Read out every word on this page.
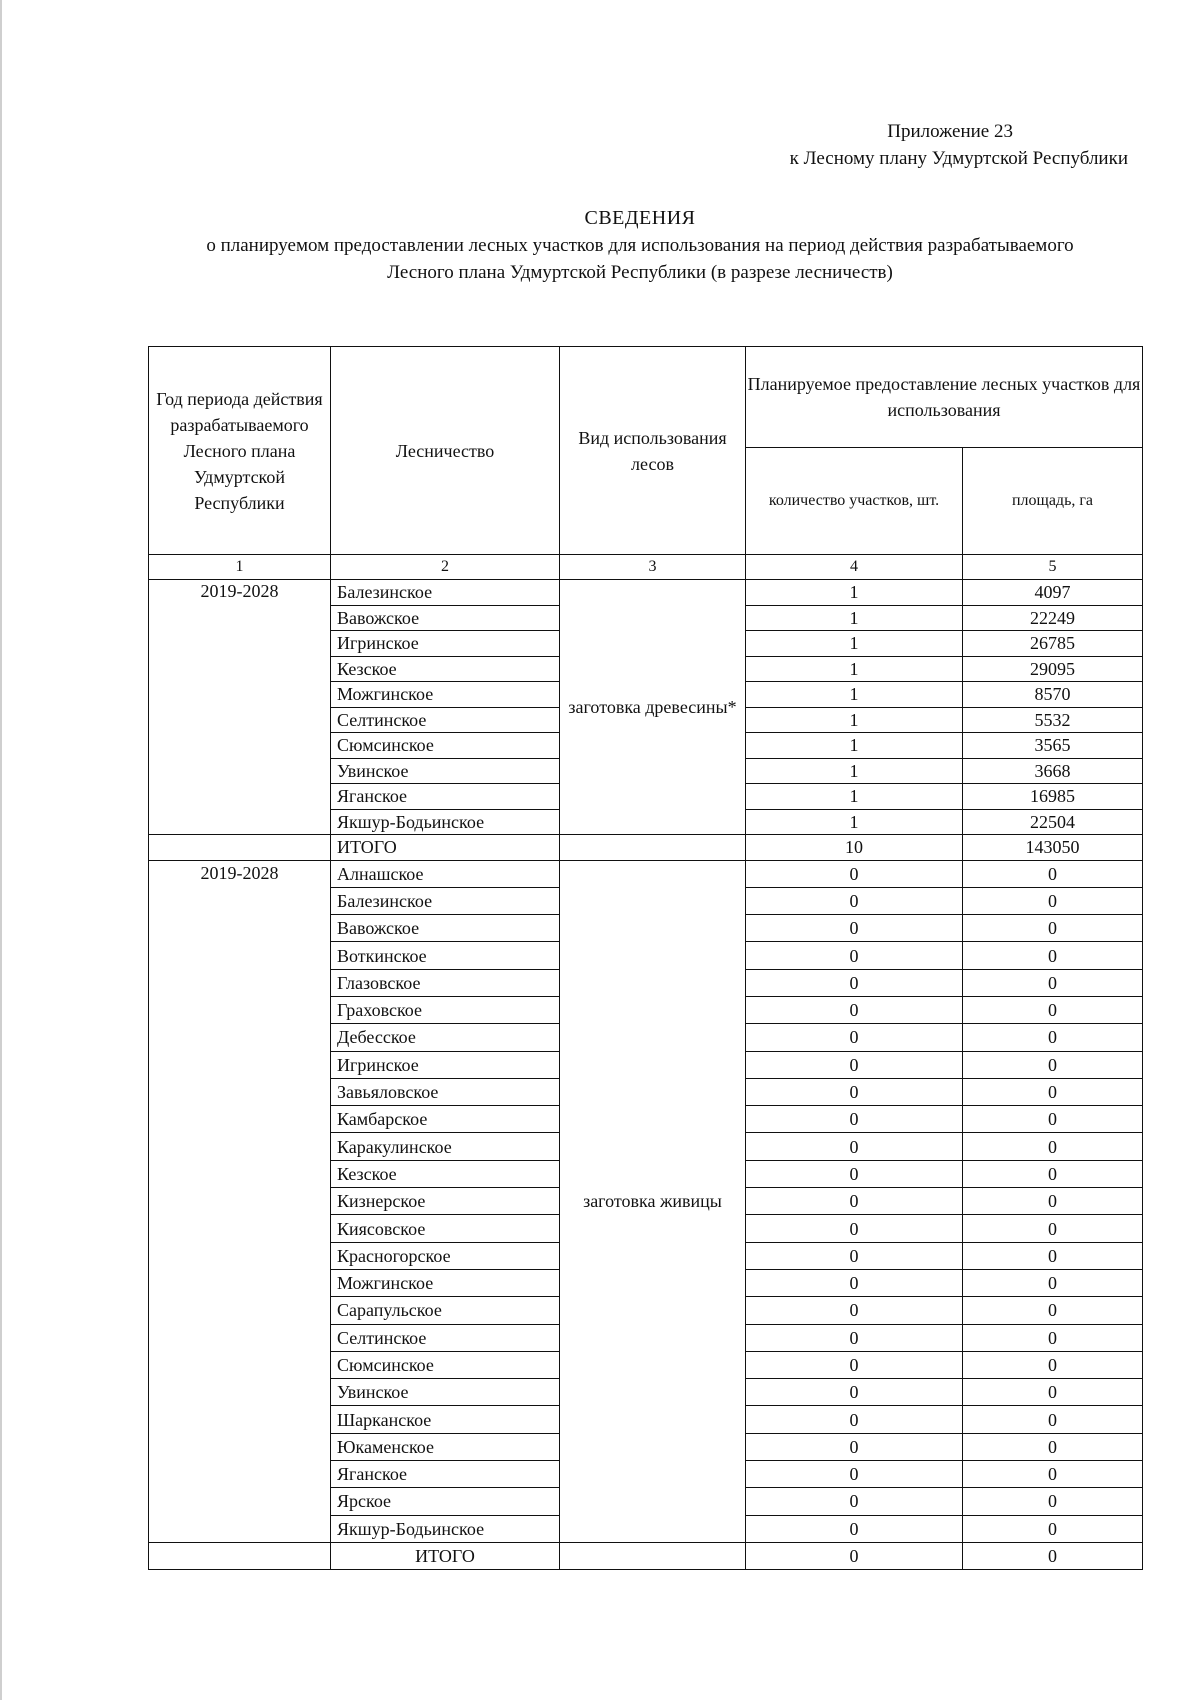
Приложение 23
к Лесному плану Удмуртской Республики
СВЕДЕНИЯ
о планируемом предоставлении лесных участков для использования на период действия разрабатываемого
Лесного плана Удмуртской Республики (в разрезе лесничеств)
Год периода действия разрабатываемого Лесного плана Удмуртской Республики	Лесничество	Вид использования лесов	Планируемое предоставление лесных участков для использования	
			количество участков, шт.	площадь, га
1	2	3	4	5
2019-2028	Балезинское	заготовка древесины*	1	4097
	Вавожское		1	22249
	Игринское		1	26785
	Кезское		1	29095
	Можгинское		1	8570
	Селтинское		1	5532
	Сюмсинское		1	3565
	Увинское		1	3668
	Яганское		1	16985
	Якшур-Бодьинское		1	22504
	ИТОГО		10	143050
2019-2028	Алнашское	заготовка живицы	0	0
	Балезинское		0	0
	Вавожское		0	0
	Воткинское		0	0
	Глазовское		0	0
	Граховское		0	0
	Дебесское		0	0
	Игринское		0	0
	Завьяловское		0	0
	Камбарское		0	0
	Каракулинское		0	0
	Кезское		0	0
	Кизнерское		0	0
	Киясовское		0	0
	Красногорское		0	0
	Можгинское		0	0
	Сарапульское		0	0
	Селтинское		0	0
	Сюмсинское		0	0
	Увинское		0	0
	Шарканское		0	0
	Юкаменское		0	0
	Яганское		0	0
	Ярское		0	0
	Якшур-Бодьинское		0	0
	ИТОГО		0	0
